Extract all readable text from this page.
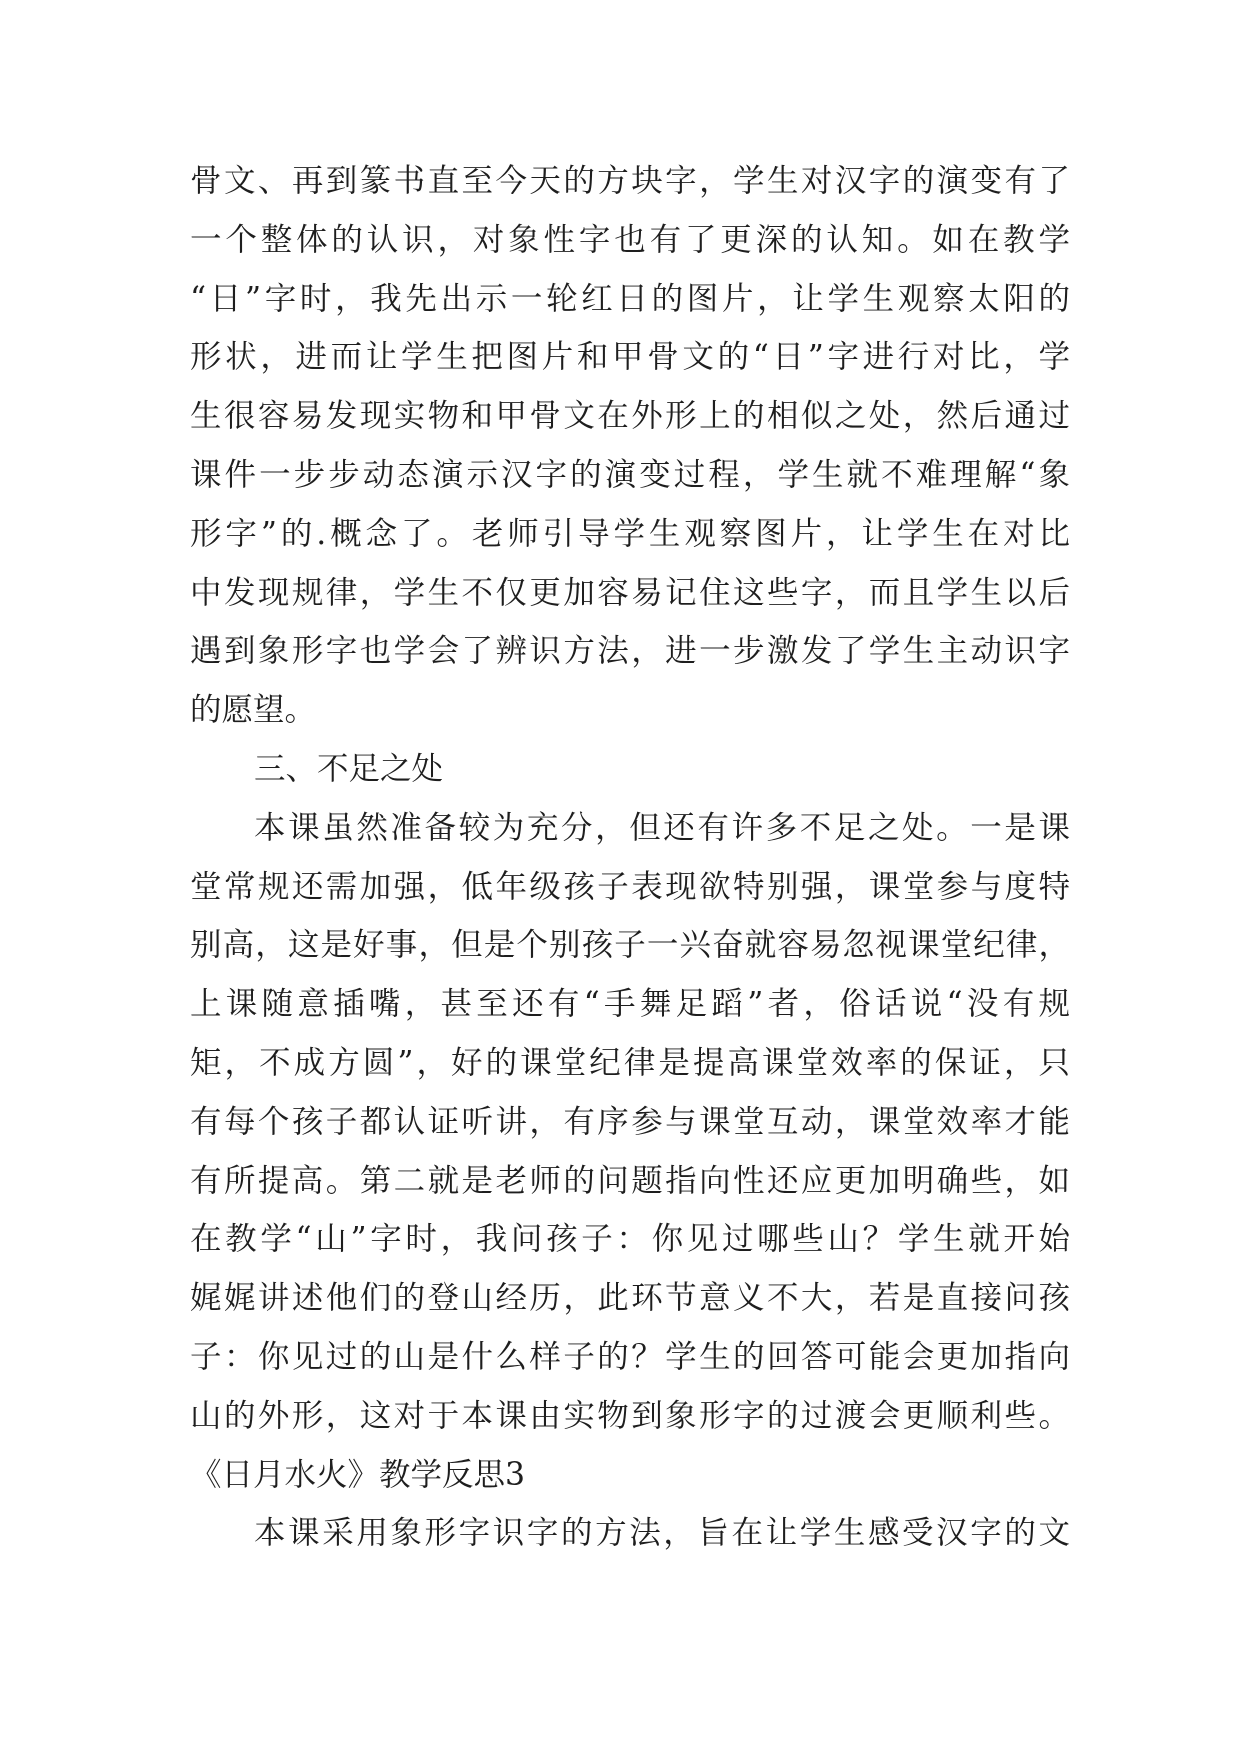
骨文、再到篆书直至今天的方块字，学生对汉字的演变有了
一个整体的认识，对象性字也有了更深的认知。如在教学
“日”字时，我先出示一轮红日的图片，让学生观察太阳的
形状，进而让学生把图片和甲骨文的“日”字进行对比，学
生很容易发现实物和甲骨文在外形上的相似之处，然后通过
课件一步步动态演示汉字的演变过程，学生就不难理解“象
形字”的.概念了。老师引导学生观察图片，让学生在对比
中发现规律，学生不仅更加容易记住这些字，而且学生以后
遇到象形字也学会了辨识方法，进一步激发了学生主动识字
的愿望。
三、不足之处
本课虽然准备较为充分，但还有许多不足之处。一是课
堂常规还需加强，低年级孩子表现欲特别强，课堂参与度特
别高，这是好事，但是个别孩子一兴奋就容易忽视课堂纪律，
上课随意插嘴，甚至还有“手舞足蹈”者，俗话说“没有规
矩，不成方圆”，好的课堂纪律是提高课堂效率的保证，只
有每个孩子都认证听讲，有序参与课堂互动，课堂效率才能
有所提高。第二就是老师的问题指向性还应更加明确些，如
在教学“山”字时，我问孩子：你见过哪些山？学生就开始
娓娓讲述他们的登山经历，此环节意义不大，若是直接问孩
子：你见过的山是什么样子的？学生的回答可能会更加指向
山的外形，这对于本课由实物到象形字的过渡会更顺利些。
《日月水火》教学反思3
本课采用象形字识字的方法，旨在让学生感受汉字的文
